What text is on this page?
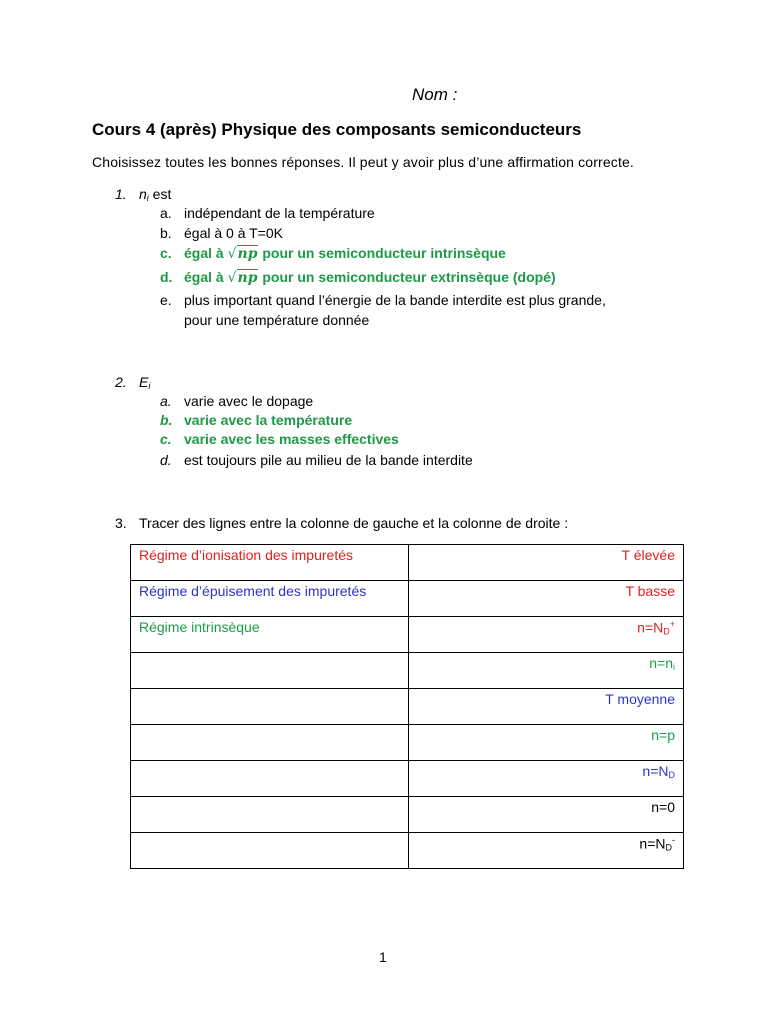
Nom :
Cours 4 (après) Physique des composants semiconducteurs
Choisissez toutes les bonnes réponses. Il peut y avoir plus d’une affirmation correcte.
1. $n_i$ est
a. indépendant de la température
b. égal à 0 à T=0K
c. égal à √np pour un semiconducteur intrinsèque
d. égal à √np pour un semiconducteur extrinsèque (dopé)
e. plus important quand l’énergie de la bande interdite est plus grande,
pour une température donnée
2. $E_i$
a. varie avec le dopage
b. varie avec la température
c. varie avec les masses effectives
d. est toujours pile au milieu de la bande interdite
3. Tracer des lignes entre la colonne de gauche et la colonne de droite :
Régime d’ionisation des impuretés	T élevée
Régime d’épuisement des impuretés	T basse
Régime intrinsèque	$n=N_D^+$
	$n=n_i$
	T moyenne
	n=p
	$n=N_D$
	n=0
	$n=N_D^-$
1
